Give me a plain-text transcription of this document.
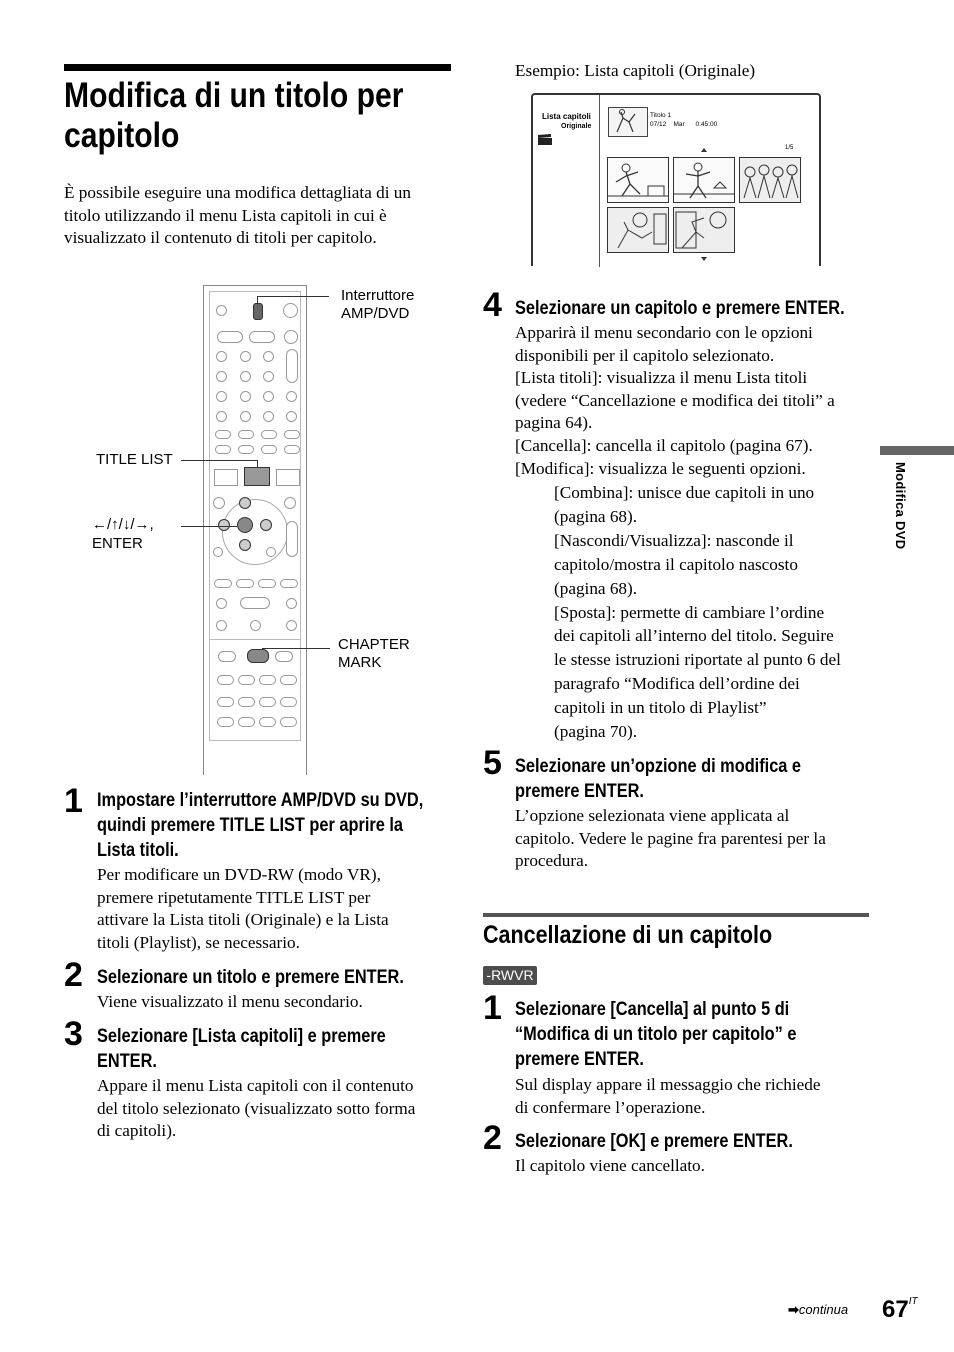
Modifica di un titolo per
capitolo
È possibile eseguire una modifica dettagliata di un
titolo utilizzando il menu Lista capitoli in cui è
visualizzato il contenuto di titoli per capitolo.
Interruttore
AMP/DVD
TITLE LIST
←/↑/↓/→,
ENTER
CHAPTER
MARK
1 Impostare l’interruttore AMP/DVD su DVD,
quindi premere TITLE LIST per aprire la
Lista titoli.
Per modificare un DVD-RW (modo VR),
premere ripetutamente TITLE LIST per
attivare la Lista titoli (Originale) e la Lista
titoli (Playlist), se necessario.
2 Selezionare un titolo e premere ENTER.
Viene visualizzato il menu secondario.
3 Selezionare [Lista capitoli] e premere
ENTER.
Appare il menu Lista capitoli con il contenuto
del titolo selezionato (visualizzato sotto forma
di capitoli).
Esempio: Lista capitoli (Originale)
Lista capitoli
Originale
Titolo 1
07/12    Mar      0:45:00
1/5
4 Selezionare un capitolo e premere ENTER.
Apparirà il menu secondario con le opzioni
disponibili per il capitolo selezionato.
[Lista titoli]: visualizza il menu Lista titoli
(vedere “Cancellazione e modifica dei titoli” a
pagina 64).
[Cancella]: cancella il capitolo (pagina 67).
[Modifica]: visualizza le seguenti opzioni.
[Combina]: unisce due capitoli in uno
(pagina 68).
[Nascondi/Visualizza]: nasconde il
capitolo/mostra il capitolo nascosto
(pagina 68).
[Sposta]: permette di cambiare l’ordine
dei capitoli all’interno del titolo. Seguire
le stesse istruzioni riportate al punto 6 del
paragrafo “Modifica dell’ordine dei
capitoli in un titolo di Playlist”
(pagina 70).
5 Selezionare un’opzione di modifica e
premere ENTER.
L’opzione selezionata viene applicata al
capitolo. Vedere le pagine fra parentesi per la
procedura.
Cancellazione di un capitolo
-RWVR
1 Selezionare [Cancella] al punto 5 di
“Modifica di un titolo per capitolo” e
premere ENTER.
Sul display appare il messaggio che richiede
di confermare l’operazione.
2 Selezionare [OK] e premere ENTER.
Il capitolo viene cancellato.
Modifica DVD
➡continua $67^{IT}$
